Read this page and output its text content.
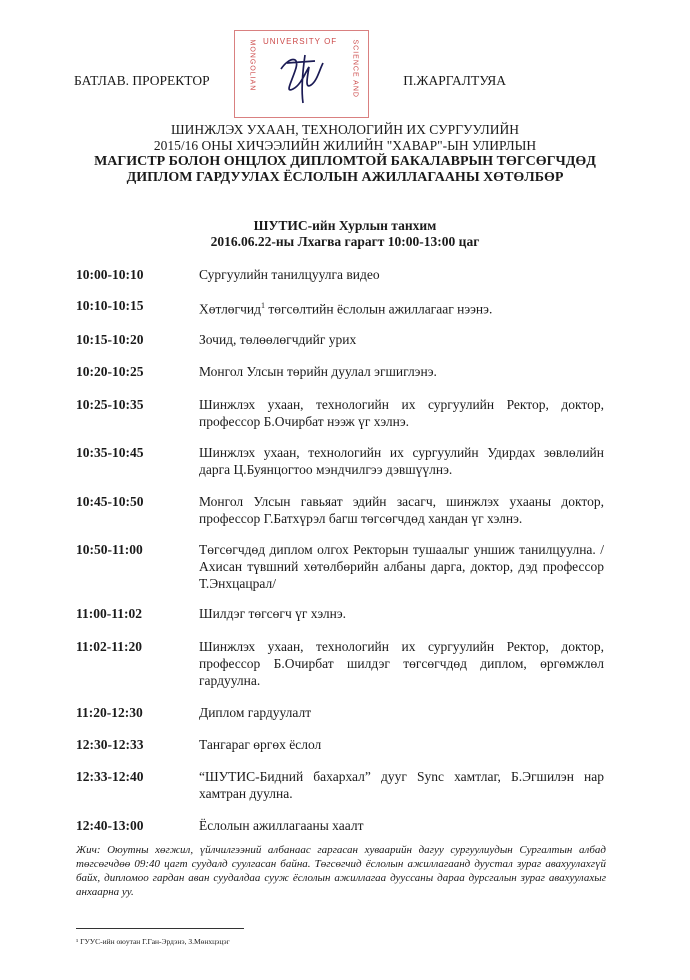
БАТЛАВ. ПРОРЕКТОР	П.ЖАРГАЛТУЯА
UNIVERSITY OF
MONGOLIAN	SCIENCE AND
ШИНЖЛЭХ УХААН, ТЕХНОЛОГИЙН ИХ СУРГУУЛИЙН
2015/16 ОНЫ ХИЧЭЭЛИЙН ЖИЛИЙН "ХАВАР"-ЫН УЛИРЛЫН
МАГИСТР БОЛОН ОНЦЛОХ ДИПЛОМТОЙ БАКАЛАВРЫН ТӨГСӨГЧДӨД
ДИПЛОМ ГАРДУУЛАХ ЁСЛОЛЫН АЖИЛЛАГААНЫ ХӨТӨЛБӨР
ШУТИС-ийн Хурлын танхим
2016.06.22-ны Лхагва гарагт 10:00-13:00 цаг
10:00-10:10	Сургуулийн танилцуулга видео
10:10-10:15	Хөтлөгчид$^1$ төгсөлтийн ёслолын ажиллагааг нээнэ.
10:15-10:20	Зочид, төлөөлөгчдийг урих
10:20-10:25	Монгол Улсын төрийн дуулал эгшиглэнэ.
10:25-10:35	Шинжлэх ухаан, технологийн их сургуулийн Ректор, доктор, профессор Б.Очирбат нээж үг хэлнэ.
10:35-10:45	Шинжлэх ухаан, технологийн их сургуулийн Удирдах зөвлөлийн дарга Ц.Буянцогтоо мэндчилгээ дэвшүүлнэ.
10:45-10:50	Монгол Улсын гавьяат эдийн засагч, шинжлэх ухааны доктор, профессор Г.Батхүрэл багш төгсөгчдөд хандан үг хэлнэ.
10:50-11:00	Төгсөгчдөд диплом олгох Ректорын тушаалыг уншиж танилцуулна. /Ахисан түвшний хөтөлбөрийн албаны дарга, доктор, дэд профессор Т.Энхцацрал/
11:00-11:02	Шилдэг төгсөгч үг хэлнэ.
11:02-11:20	Шинжлэх ухаан, технологийн их сургуулийн Ректор, доктор, профессор Б.Очирбат шилдэг төгсөгчдөд диплом, өргөмжлөл гардуулна.
11:20-12:30	Диплом гардуулалт
12:30-12:33	Тангараг өргөх ёслол
12:33-12:40	“ШУТИС-Бидний бахархал” дууг Sync хамтлаг, Б.Эгшилэн нар хамтран дуулна.
12:40-13:00	Ёслолын ажиллагааны хаалт
Жич: Оюутны хөгжил, үйлчилгээний албанаас гаргасан хуваарийн дагуу сургуулиудын Сургалтын албад төгсөгчдөө 09:40 цагт суудалд суулгасан байна. Төгсөгчид ёслолын ажиллагаанд дуустал зураг авахуулахгүй байх, дипломоо гардан аван суудалдаа сууж ёслолын ажиллагаа дууссаны дараа дурсгалын зураг авахуулахыг анхаарна уу.
¹ ГУУС-ийн оюутан Г.Ган-Эрдэнэ, З.Мөнхцэцэг
